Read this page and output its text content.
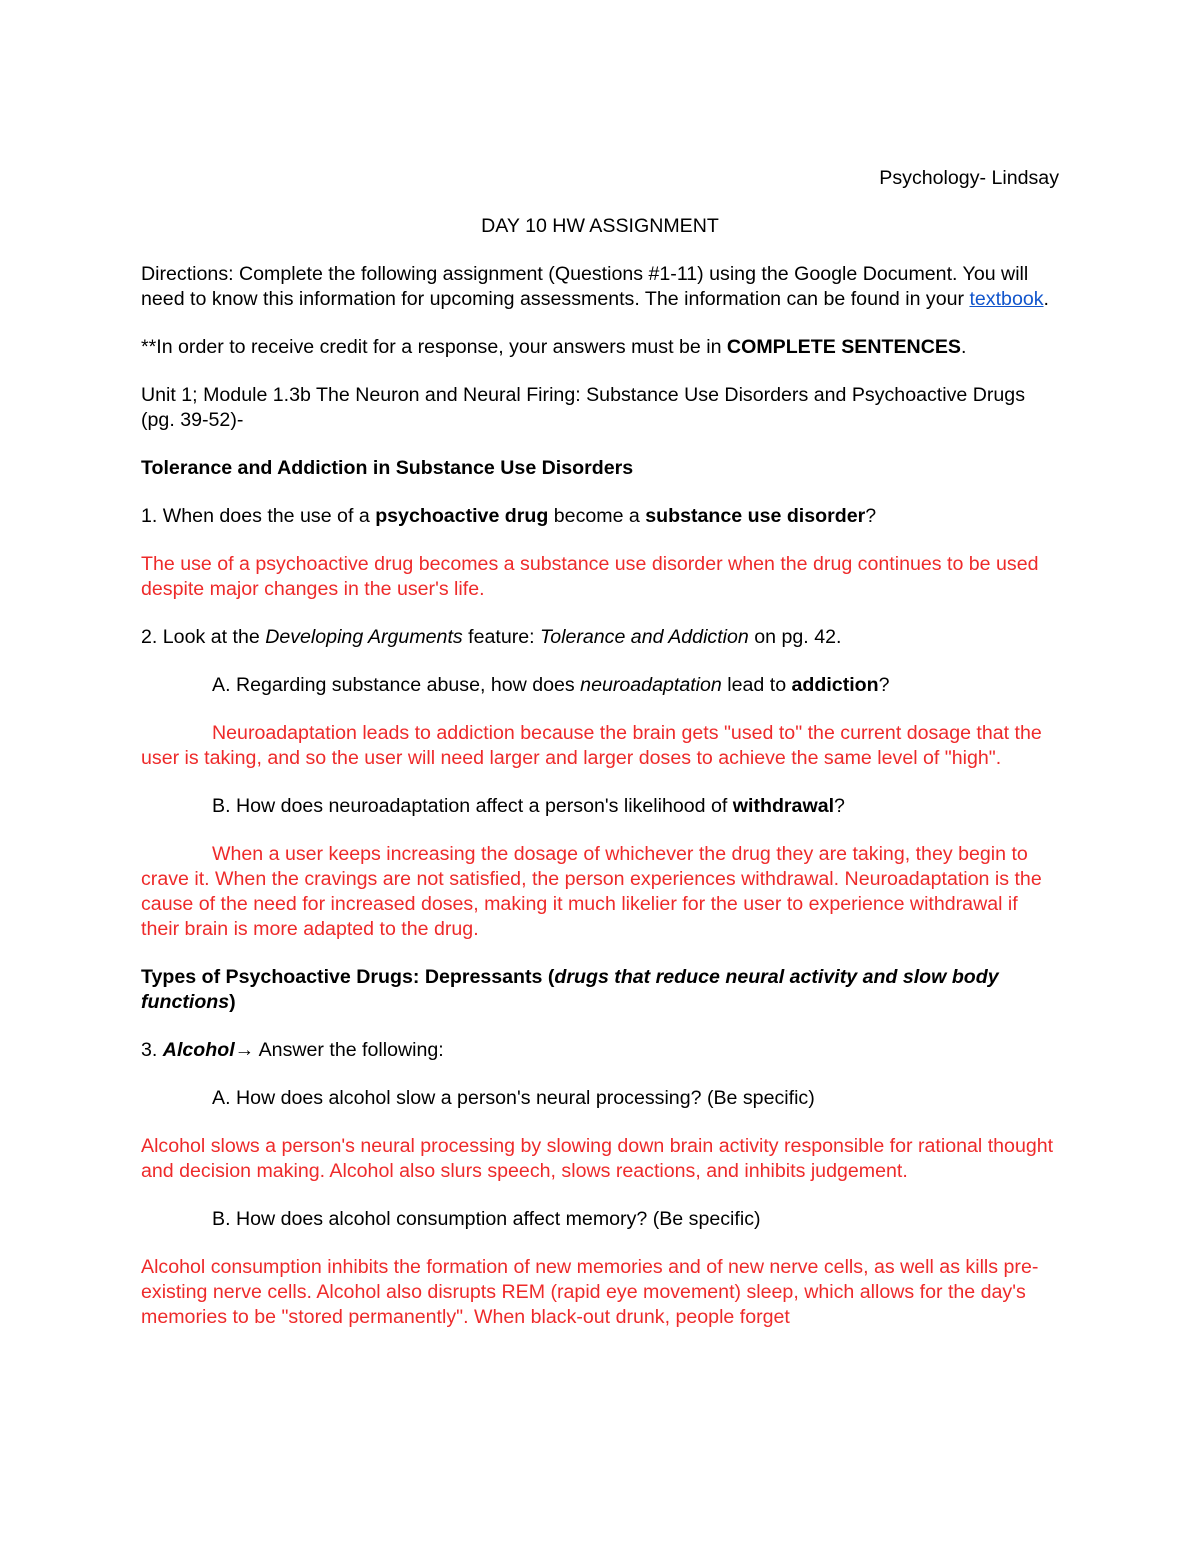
Psychology- Lindsay

DAY 10 HW ASSIGNMENT

Directions: Complete the following assignment (Questions #1-11) using the Google Document. You will need to know this information for upcoming assessments. The information can be found in your textbook.

**In order to receive credit for a response, your answers must be in COMPLETE SENTENCES.

Unit 1; Module 1.3b The Neuron and Neural Firing: Substance Use Disorders and Psychoactive Drugs (pg. 39-52)-

Tolerance and Addiction in Substance Use Disorders

1. When does the use of a psychoactive drug become a substance use disorder?

The use of a psychoactive drug becomes a substance use disorder when the drug continues to be used despite major changes in the user's life.

2. Look at the Developing Arguments feature: Tolerance and Addiction on pg. 42.

A. Regarding substance abuse, how does neuroadaptation lead to addiction?

Neuroadaptation leads to addiction because the brain gets "used to" the current dosage that the user is taking, and so the user will need larger and larger doses to achieve the same level of "high".

B. How does neuroadaptation affect a person's likelihood of withdrawal?

When a user keeps increasing the dosage of whichever the drug they are taking, they begin to crave it. When the cravings are not satisfied, the person experiences withdrawal. Neuroadaptation is the cause of the need for increased doses, making it much likelier for the user to experience withdrawal if their brain is more adapted to the drug.

Types of Psychoactive Drugs: Depressants (drugs that reduce neural activity and slow body functions)

3. Alcohol→ Answer the following:

A. How does alcohol slow a person's neural processing? (Be specific)

Alcohol slows a person's neural processing by slowing down brain activity responsible for rational thought and decision making. Alcohol also slurs speech, slows reactions, and inhibits judgement.

B. How does alcohol consumption affect memory? (Be specific)

Alcohol consumption inhibits the formation of new memories and of new nerve cells, as well as kills pre-existing nerve cells. Alcohol also disrupts REM (rapid eye movement) sleep, which allows for the day's memories to be "stored permanently". When black-out drunk, people forget
